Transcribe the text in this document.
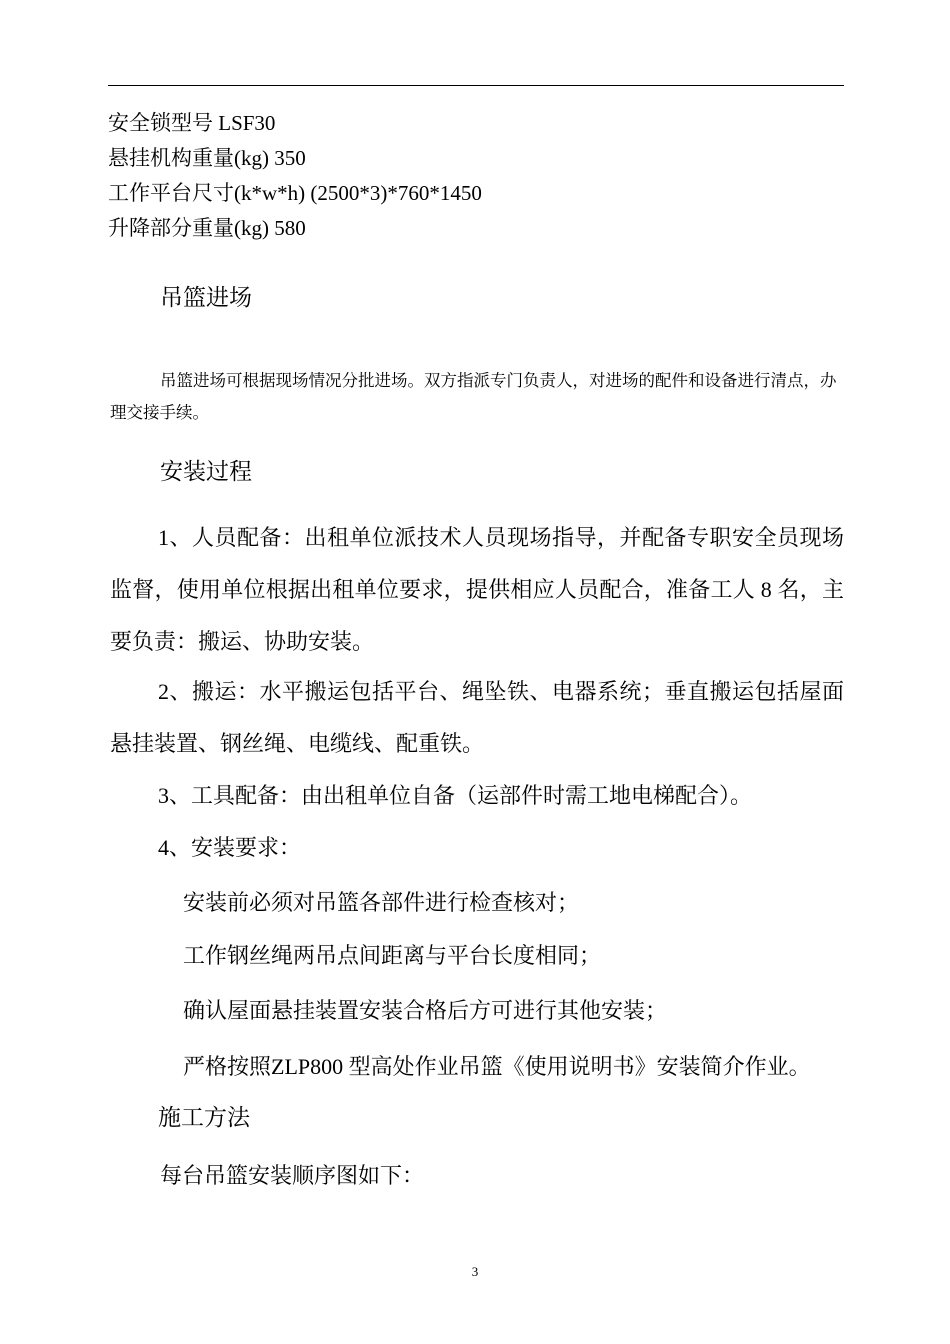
安全锁型号 LSF30
悬挂机构重量(kg) 350
工作平台尺寸(k*w*h) (2500*3)*760*1450
升降部分重量(kg) 580
吊篮进场
吊篮进场可根据现场情况分批进场。双方指派专门负责人，对进场的配件和设备进行清点，办理交接手续。
安装过程
1、人员配备：出租单位派技术人员现场指导，并配备专职安全员现场监督，使用单位根据出租单位要求，提供相应人员配合，准备工人 8 名，主要负责：搬运、协助安装。
2、搬运：水平搬运包括平台、绳坠铁、电器系统；垂直搬运包括屋面悬挂装置、钢丝绳、电缆线、配重铁。
3、工具配备：由出租单位自备（运部件时需工地电梯配合）。
4、安装要求：
安装前必须对吊篮各部件进行检查核对；
工作钢丝绳两吊点间距离与平台长度相同；
确认屋面悬挂装置安装合格后方可进行其他安装；
严格按照ZLP800 型高处作业吊篮《使用说明书》安装简介作业。
施工方法
每台吊篮安装顺序图如下：
3
